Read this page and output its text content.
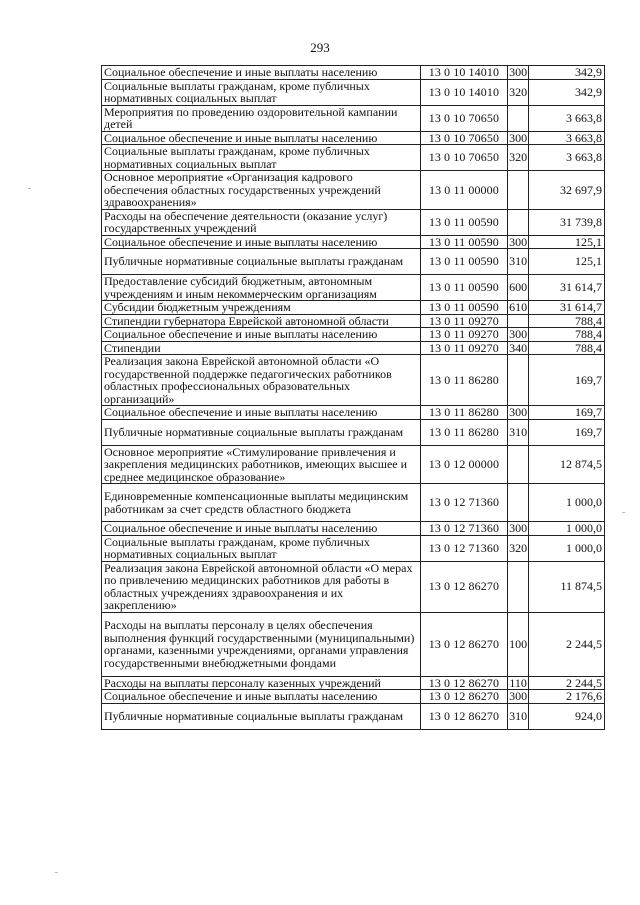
293
Социальное обеспечение и иные выплаты населению	13 0 10 14010	300	342,9
Социальные выплаты гражданам, кроме публичных нормативных социальных выплат	13 0 10 14010	320	342,9
Мероприятия по проведению оздоровительной кампании детей	13 0 10 70650		3 663,8
Социальное обеспечение и иные выплаты населению	13 0 10 70650	300	3 663,8
Социальные выплаты гражданам, кроме публичных нормативных социальных выплат	13 0 10 70650	320	3 663,8
Основное мероприятие «Организация кадрового обеспечения областных государственных учреждений здравоохранения»	13 0 11 00000		32 697,9
Расходы на обеспечение деятельности (оказание услуг) государственных учреждений	13 0 11 00590		31 739,8
Социальное обеспечение и иные выплаты населению	13 0 11 00590	300	125,1
Публичные нормативные социальные выплаты гражданам	13 0 11 00590	310	125,1
Предоставление субсидий бюджетным, автономным учреждениям и иным некоммерческим организациям	13 0 11 00590	600	31 614,7
Субсидии бюджетным учреждениям	13 0 11 00590	610	31 614,7
Стипендии губернатора Еврейской автономной области	13 0 11 09270		788,4
Социальное обеспечение и иные выплаты населению	13 0 11 09270	300	788,4
Стипендии	13 0 11 09270	340	788,4
Реализация закона Еврейской автономной области «О государственной поддержке педагогических работников областных профессиональных образовательных организаций»	13 0 11 86280		169,7
Социальное обеспечение и иные выплаты населению	13 0 11 86280	300	169,7
Публичные нормативные социальные выплаты гражданам	13 0 11 86280	310	169,7
Основное мероприятие «Стимулирование привлечения и закрепления медицинских работников, имеющих высшее и среднее медицинское образование»	13 0 12 00000		12 874,5
Единовременные компенсационные выплаты медицинским работникам за счет средств областного бюджета	13 0 12 71360		1 000,0
Социальное обеспечение и иные выплаты населению	13 0 12 71360	300	1 000,0
Социальные выплаты гражданам, кроме публичных нормативных социальных выплат	13 0 12 71360	320	1 000,0
Реализация закона Еврейской автономной области «О мерах по привлечению медицинских работников для работы в областных учреждениях здравоохранения и их закреплению»	13 0 12 86270		11 874,5
Расходы на выплаты персоналу в целях обеспечения выполнения функций государственными (муниципальными) органами, казенными учреждениями, органами управления государственными внебюджетными фондами	13 0 12 86270	100	2 244,5
Расходы на выплаты персоналу казенных учреждений	13 0 12 86270	110	2 244,5
Социальное обеспечение и иные выплаты населению	13 0 12 86270	300	2 176,6
Публичные нормативные социальные выплаты гражданам	13 0 12 86270	310	924,0
